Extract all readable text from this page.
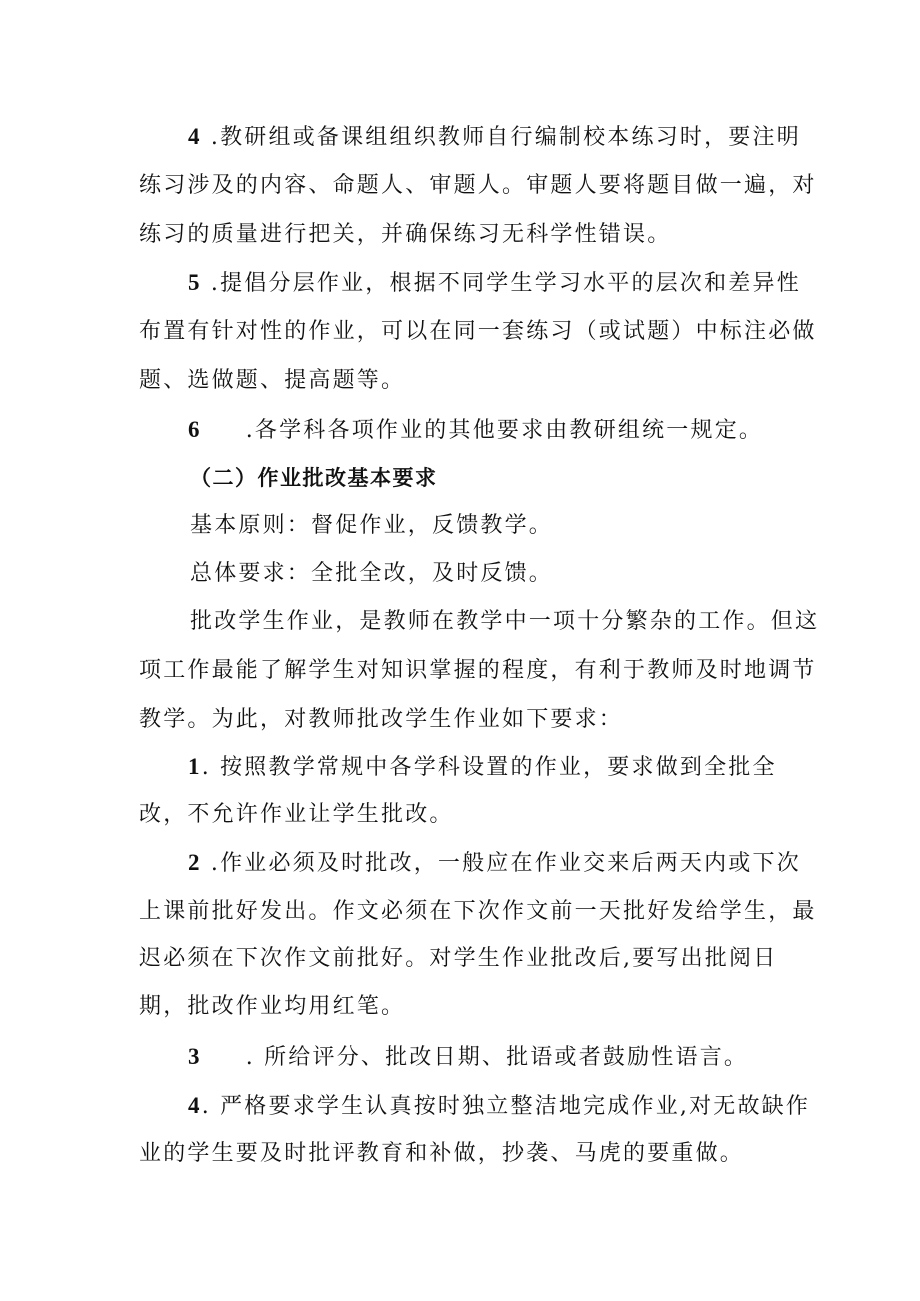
4 .教研组或备课组组织教师自行编制校本练习时，要注明

练习涉及的内容、命题人、审题人。审题人要将题目做一遍，对

练习的质量进行把关，并确保练习无科学性错误。

5 .提倡分层作业，根据不同学生学习水平的层次和差异性

布置有针对性的作业，可以在同一套练习（或试题）中标注必做

题、选做题、提高题等。

6 .各学科各项作业的其他要求由教研组统一规定。

（二）作业批改基本要求

基本原则：督促作业，反馈教学。

总体要求：全批全改，及时反馈。

批改学生作业，是教师在教学中一项十分繁杂的工作。但这

项工作最能了解学生对知识掌握的程度，有利于教师及时地调节

教学。为此，对教师批改学生作业如下要求：

1. 按照教学常规中各学科设置的作业，要求做到全批全

改，不允许作业让学生批改。

2 .作业必须及时批改，一般应在作业交来后两天内或下次

上课前批好发出。作文必须在下次作文前一天批好发给学生，最

迟必须在下次作文前批好。对学生作业批改后,要写出批阅日

期，批改作业均用红笔。

3 . 所给评分、批改日期、批语或者鼓励性语言。

4. 严格要求学生认真按时独立整洁地完成作业,对无故缺作

业的学生要及时批评教育和补做，抄袭、马虎的要重做。
